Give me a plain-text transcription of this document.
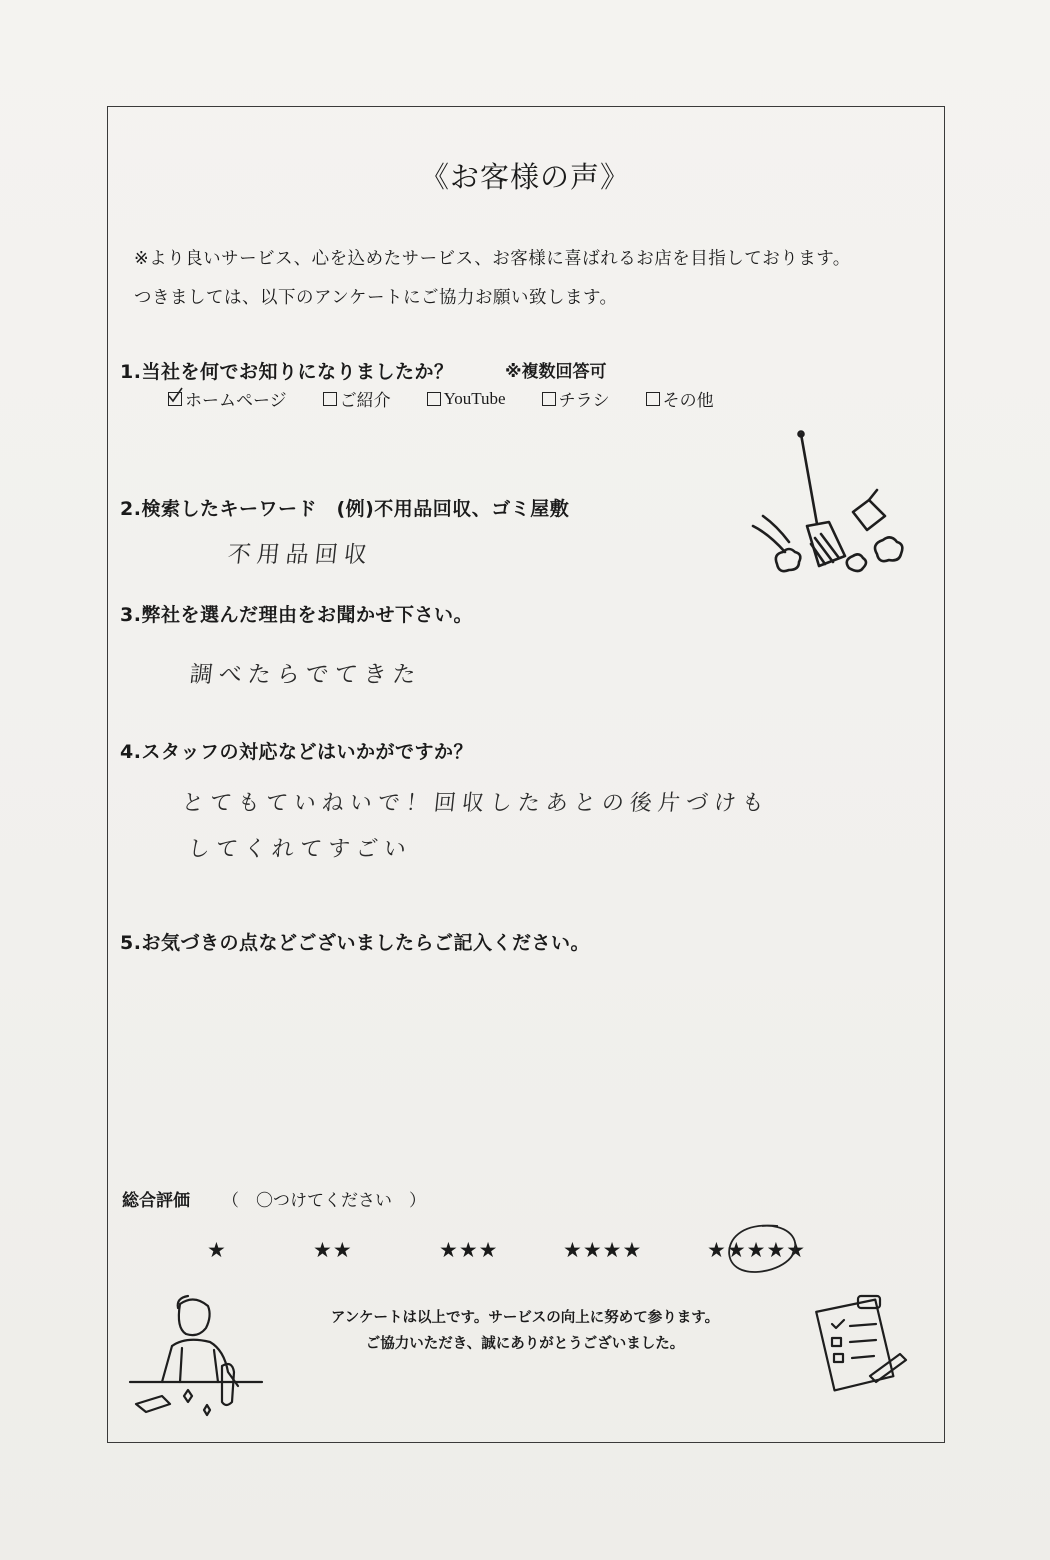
《お客様の声》
※より良いサービス、心を込めたサービス、お客様に喜ばれるお店を目指しております。
つきましては、以下のアンケートにご協力お願い致します。
1.当社を何でお知りになりましたか？	※複数回答可
ホームページ	ご紹介	YouTube	チラシ	その他
2.検索したキーワード　(例)不用品回収、ゴミ屋敷
不用品回収
3.弊社を選んだ理由をお聞かせ下さい。
調べたらでてきた
4.スタッフの対応などはいかがですか？
とてもていねいで！回収したあとの後片づけも
してくれてすごい
5.お気づきの点などございましたらご記入ください。
総合評価 （　〇つけてください　）
★	★★	★★★	★★★★	★★★★★
アンケートは以上です。サービスの向上に努めて参ります。
ご協力いただき、誠にありがとうございました。
